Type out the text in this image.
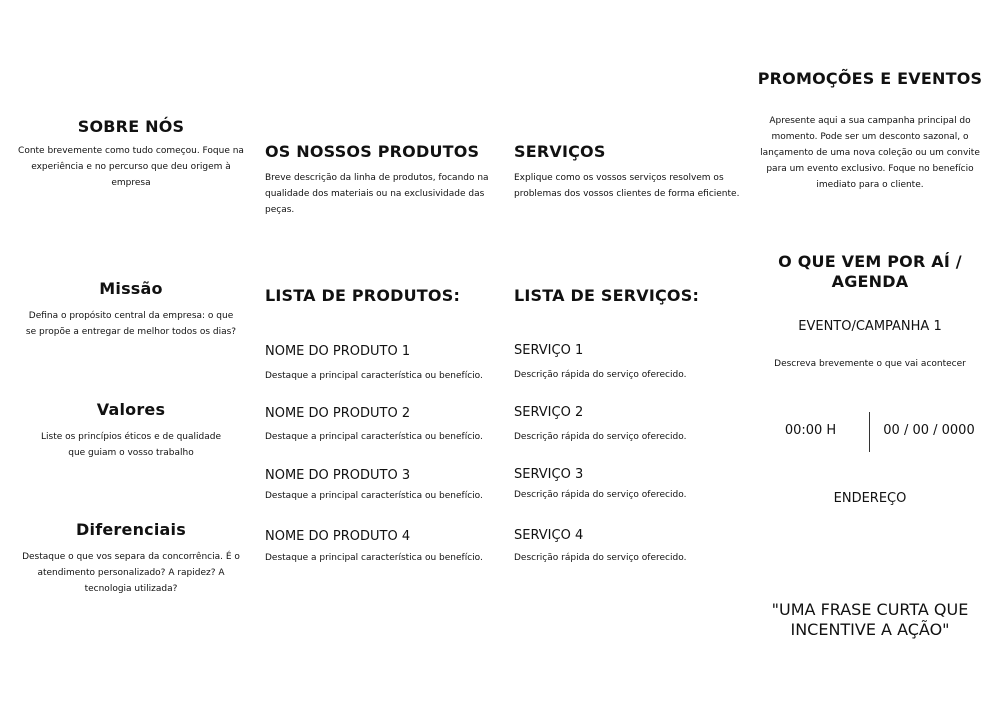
SOBRE NÓS
Conte brevemente como tudo começou. Foque na experiência e no percurso que deu origem à empresa
Missão
Defina o propósito central da empresa: o que se propõe a entregar de melhor todos os dias?
Valores
Liste os princípios éticos e de qualidade que guiam o vosso trabalho
Diferenciais
Destaque o que vos separa da concorrência. É o atendimento personalizado? A rapidez? A tecnologia utilizada?
OS NOSSOS PRODUTOS
Breve descrição da linha de produtos, focando na qualidade dos materiais ou na exclusividade das peças.
LISTA DE PRODUTOS:
NOME DO PRODUTO 1
Destaque a principal característica ou benefício.
NOME DO PRODUTO 2
Destaque a principal característica ou benefício.
NOME DO PRODUTO 3
Destaque a principal característica ou benefício.
NOME DO PRODUTO 4
Destaque a principal característica ou benefício.
SERVIÇOS
Explique como os vossos serviços resolvem os problemas dos vossos clientes de forma eficiente.
LISTA DE SERVIÇOS:
SERVIÇO 1
Descrição rápida do serviço oferecido.
SERVIÇO 2
Descrição rápida do serviço oferecido.
SERVIÇO 3
Descrição rápida do serviço oferecido.
SERVIÇO 4
Descrição rápida do serviço oferecido.
PROMOÇÕES E EVENTOS
Apresente aqui a sua campanha principal do momento. Pode ser um desconto sazonal, o lançamento de uma nova coleção ou um convite para um evento exclusivo. Foque no benefício imediato para o cliente.
O QUE VEM POR AÍ / AGENDA
EVENTO/CAMPANHA 1
Descreva brevemente o que vai acontecer
00:00 H	00 / 00 / 0000
ENDEREÇO
"UMA FRASE CURTA QUE INCENTIVE A AÇÃO"
